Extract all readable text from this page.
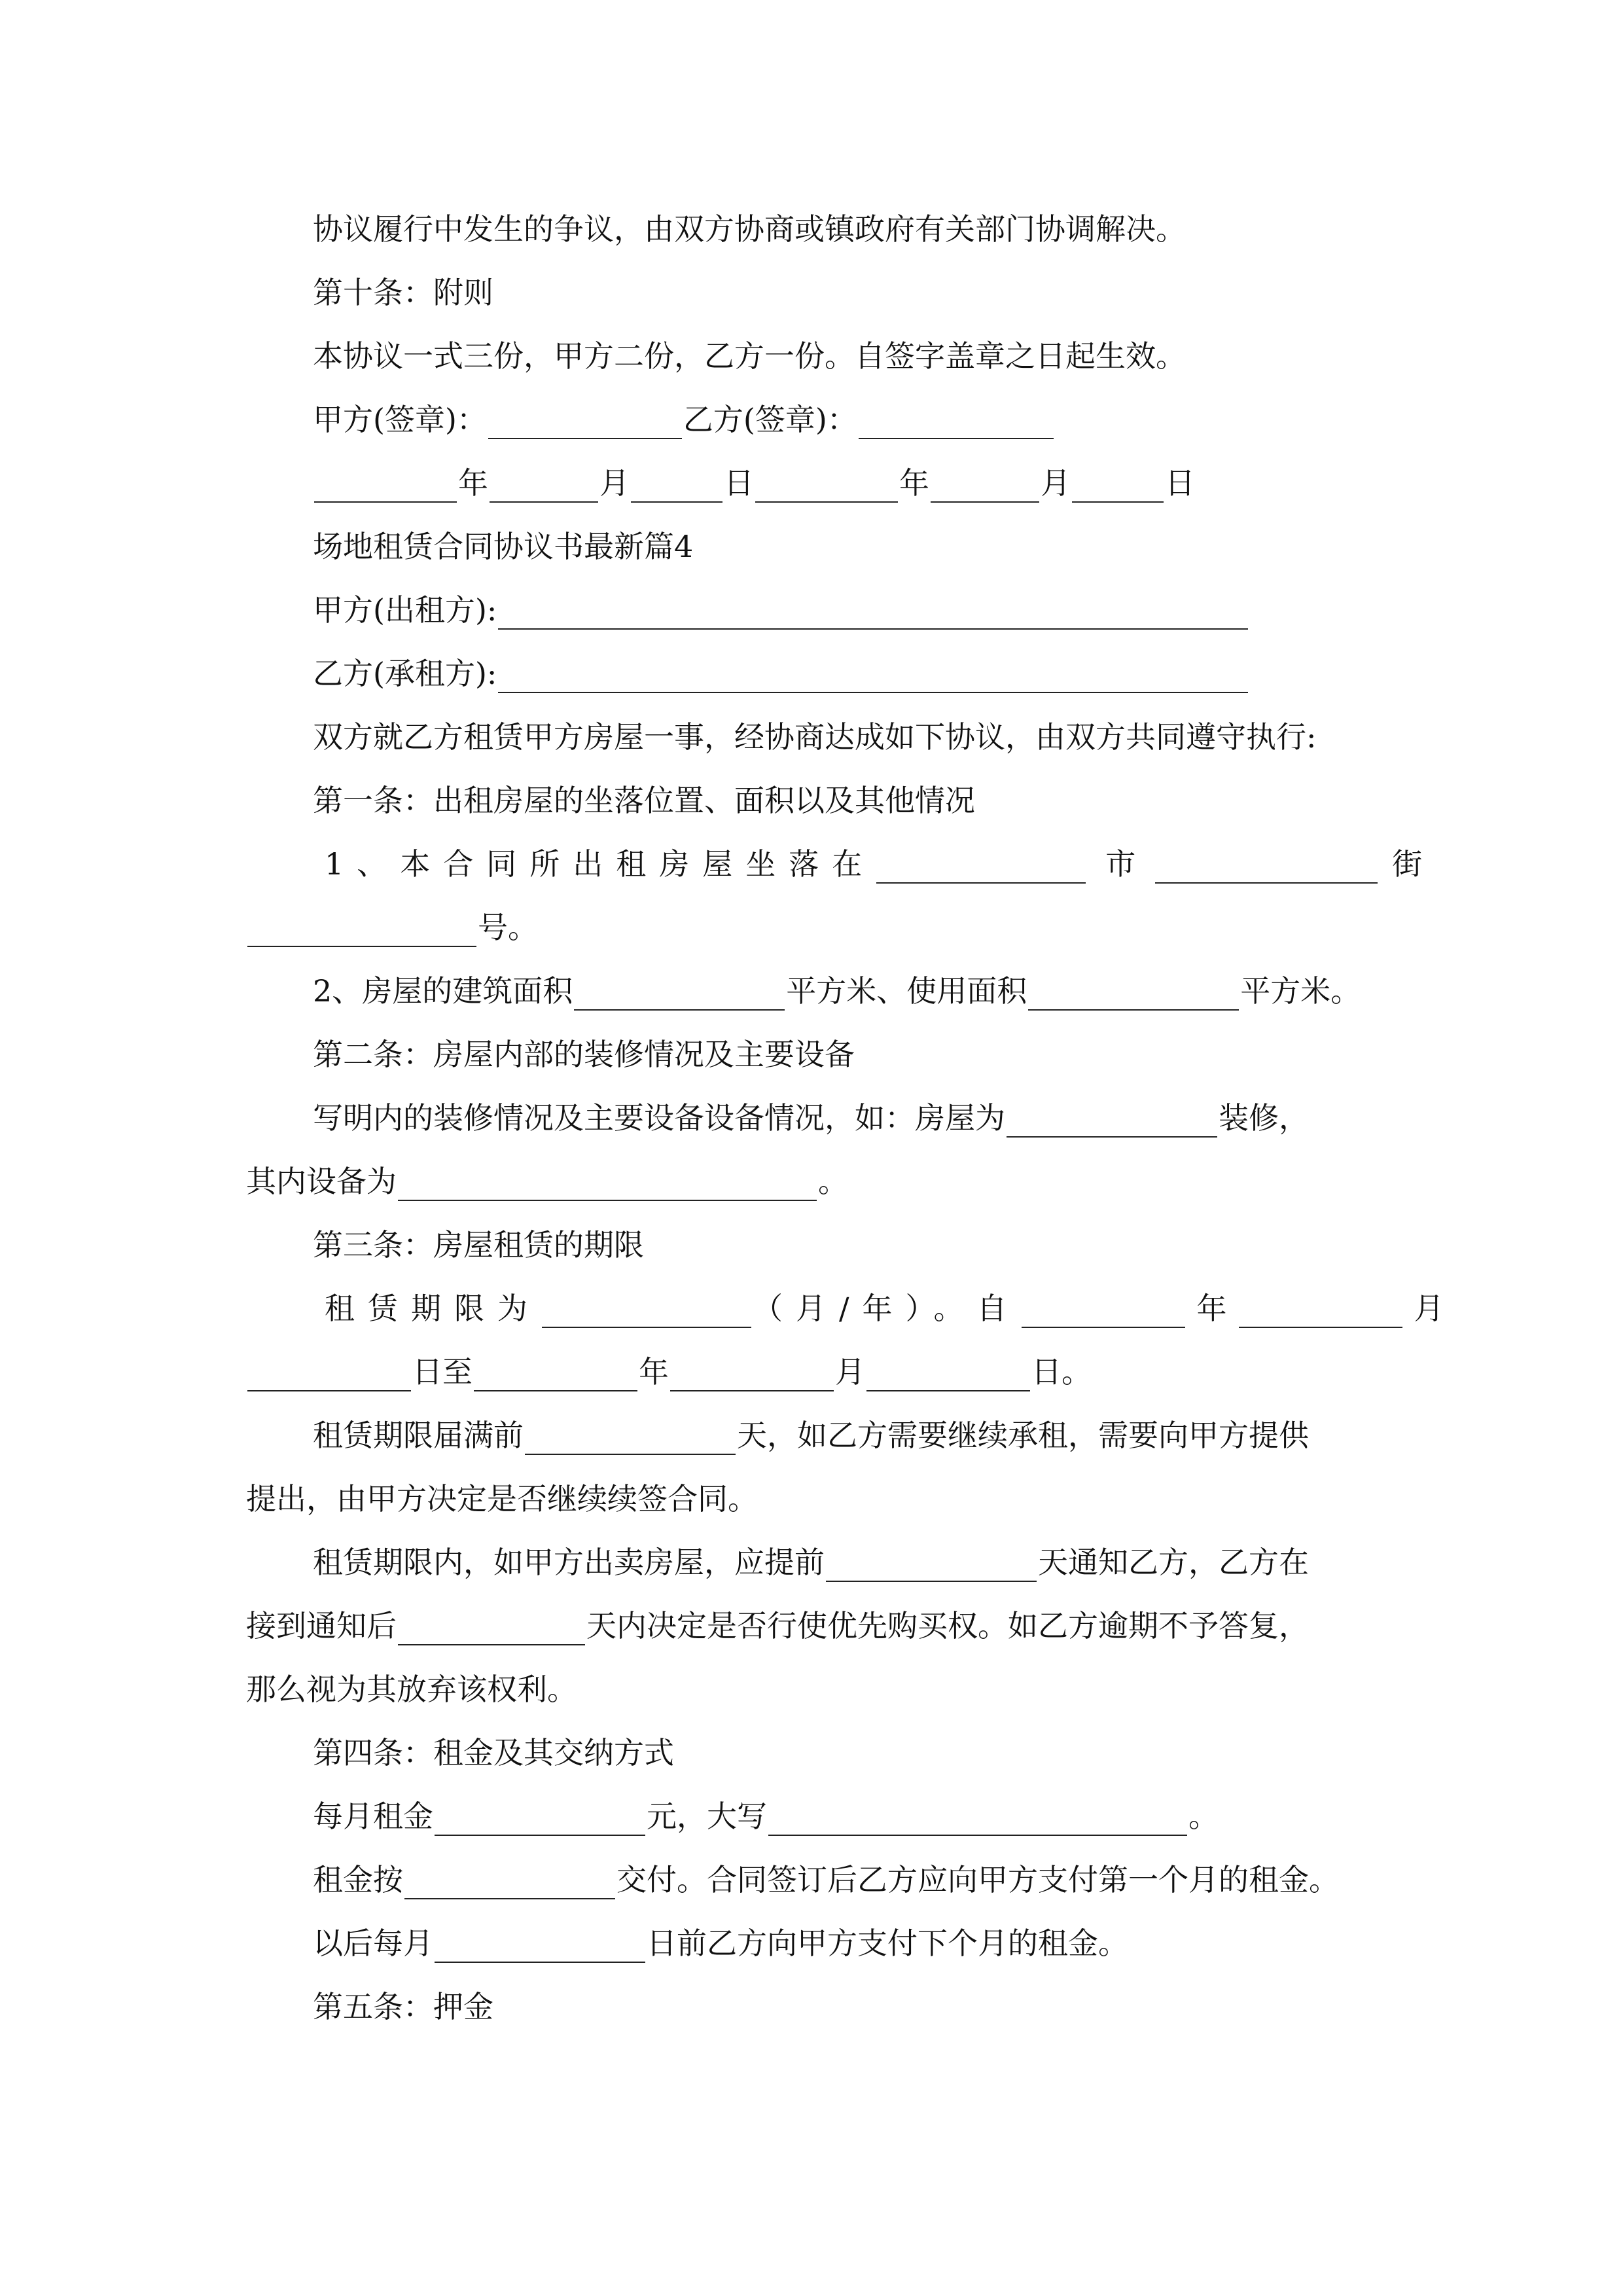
协议履行中发生的争议，由双方协商或镇政府有关部门协调解决。
第十条：附则
本协议一式三份，甲方二份，乙方一份。自签字盖章之日起生效。
甲方(签章)：	乙方(签章)：
年	月	日	年	月	日
场地租赁合同协议书最新篇4
甲方(出租方):
乙方(承租方):
双方就乙方租赁甲方房屋一事，经协商达成如下协议，由双方共同遵守执行:
第一条：出租房屋的坐落位置、面积以及其他情况
1、本合同所出租房屋坐落在	市	街
号。
2、房屋的建筑面积	平方米、使用面积	平方米。
第二条：房屋内部的装修情况及主要设备
写明内的装修情况及主要设备设备情况，如：房屋为	装修，
其内设备为	。
第三条：房屋租赁的期限
租赁期限为	（月/年）。自	年	月
日至	年	月	日。
租赁期限届满前	天，如乙方需要继续承租，需要向甲方提供
提出，由甲方决定是否继续续签合同。
租赁期限内，如甲方出卖房屋，应提前	天通知乙方，乙方在
接到通知后	天内决定是否行使优先购买权。如乙方逾期不予答复，
那么视为其放弃该权利。
第四条：租金及其交纳方式
每月租金	元，大写	。
租金按	交付。合同签订后乙方应向甲方支付第一个月的租金。
以后每月	日前乙方向甲方支付下个月的租金。
第五条：押金
